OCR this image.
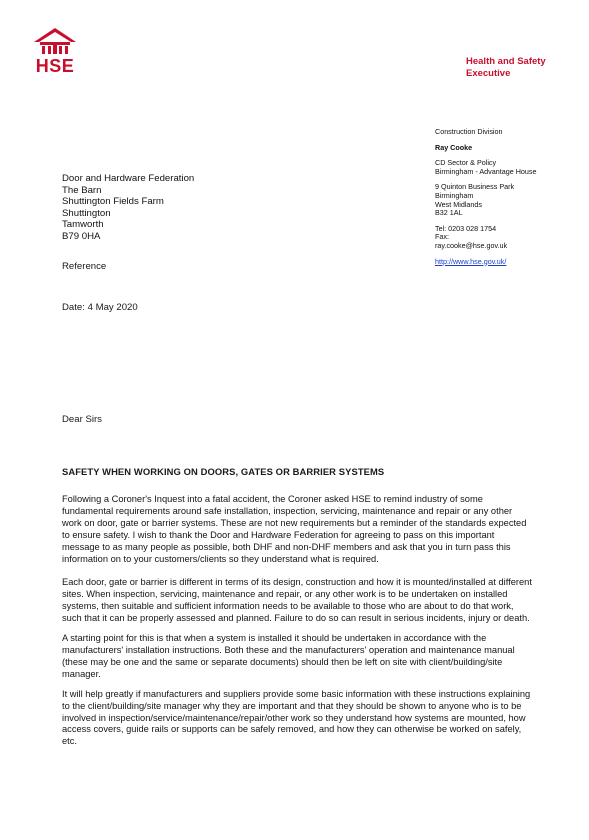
HSE	Health and Safety
Executive
Construction Division
Ray Cooke
CD Sector & Policy
Birmingham - Advantage House
9 Quinton Business Park
Birmingham
West Midlands
B32 1AL
Tel: 0203 028 1754
Fax:
ray.cooke@hse.gov.uk
http://www.hse.gov.uk/
Door and Hardware Federation
The Barn
Shuttington Fields Farm
Shuttington
Tamworth
B79 0HA
Reference
Date: 4 May 2020
Dear Sirs
SAFETY WHEN WORKING ON DOORS, GATES OR BARRIER SYSTEMS

Following a Coroner's Inquest into a fatal accident, the Coroner asked HSE to remind industry of some fundamental requirements around safe installation, inspection, servicing, maintenance and repair or any other work on door, gate or barrier systems. These are not new requirements but a reminder of the standards expected to ensure safety. I wish to thank the Door and Hardware Federation for agreeing to pass on this important message to as many people as possible, both DHF and non-DHF members and ask that you in turn pass this information on to your customers/clients so they understand what is required.

Each door, gate or barrier is different in terms of its design, construction and how it is mounted/installed at different sites. When inspection, servicing, maintenance and repair, or any other work is to be undertaken on installed systems, then suitable and sufficient information needs to be available to those who are about to do that work, such that it can be properly assessed and planned. Failure to do so can result in serious incidents, injury or death.

A starting point for this is that when a system is installed it should be undertaken in accordance with the manufacturers' installation instructions. Both these and the manufacturers' operation and maintenance manual (these may be one and the same or separate documents) should then be left on site with client/building/site manager.

It will help greatly if manufacturers and suppliers provide some basic information with these instructions explaining to the client/building/site manager why they are important and that they should be shown to anyone who is to be involved in inspection/service/maintenance/repair/other work so they understand how systems are mounted, how access covers, guide rails or supports can be safely removed, and how they can otherwise be worked on safely, etc.
